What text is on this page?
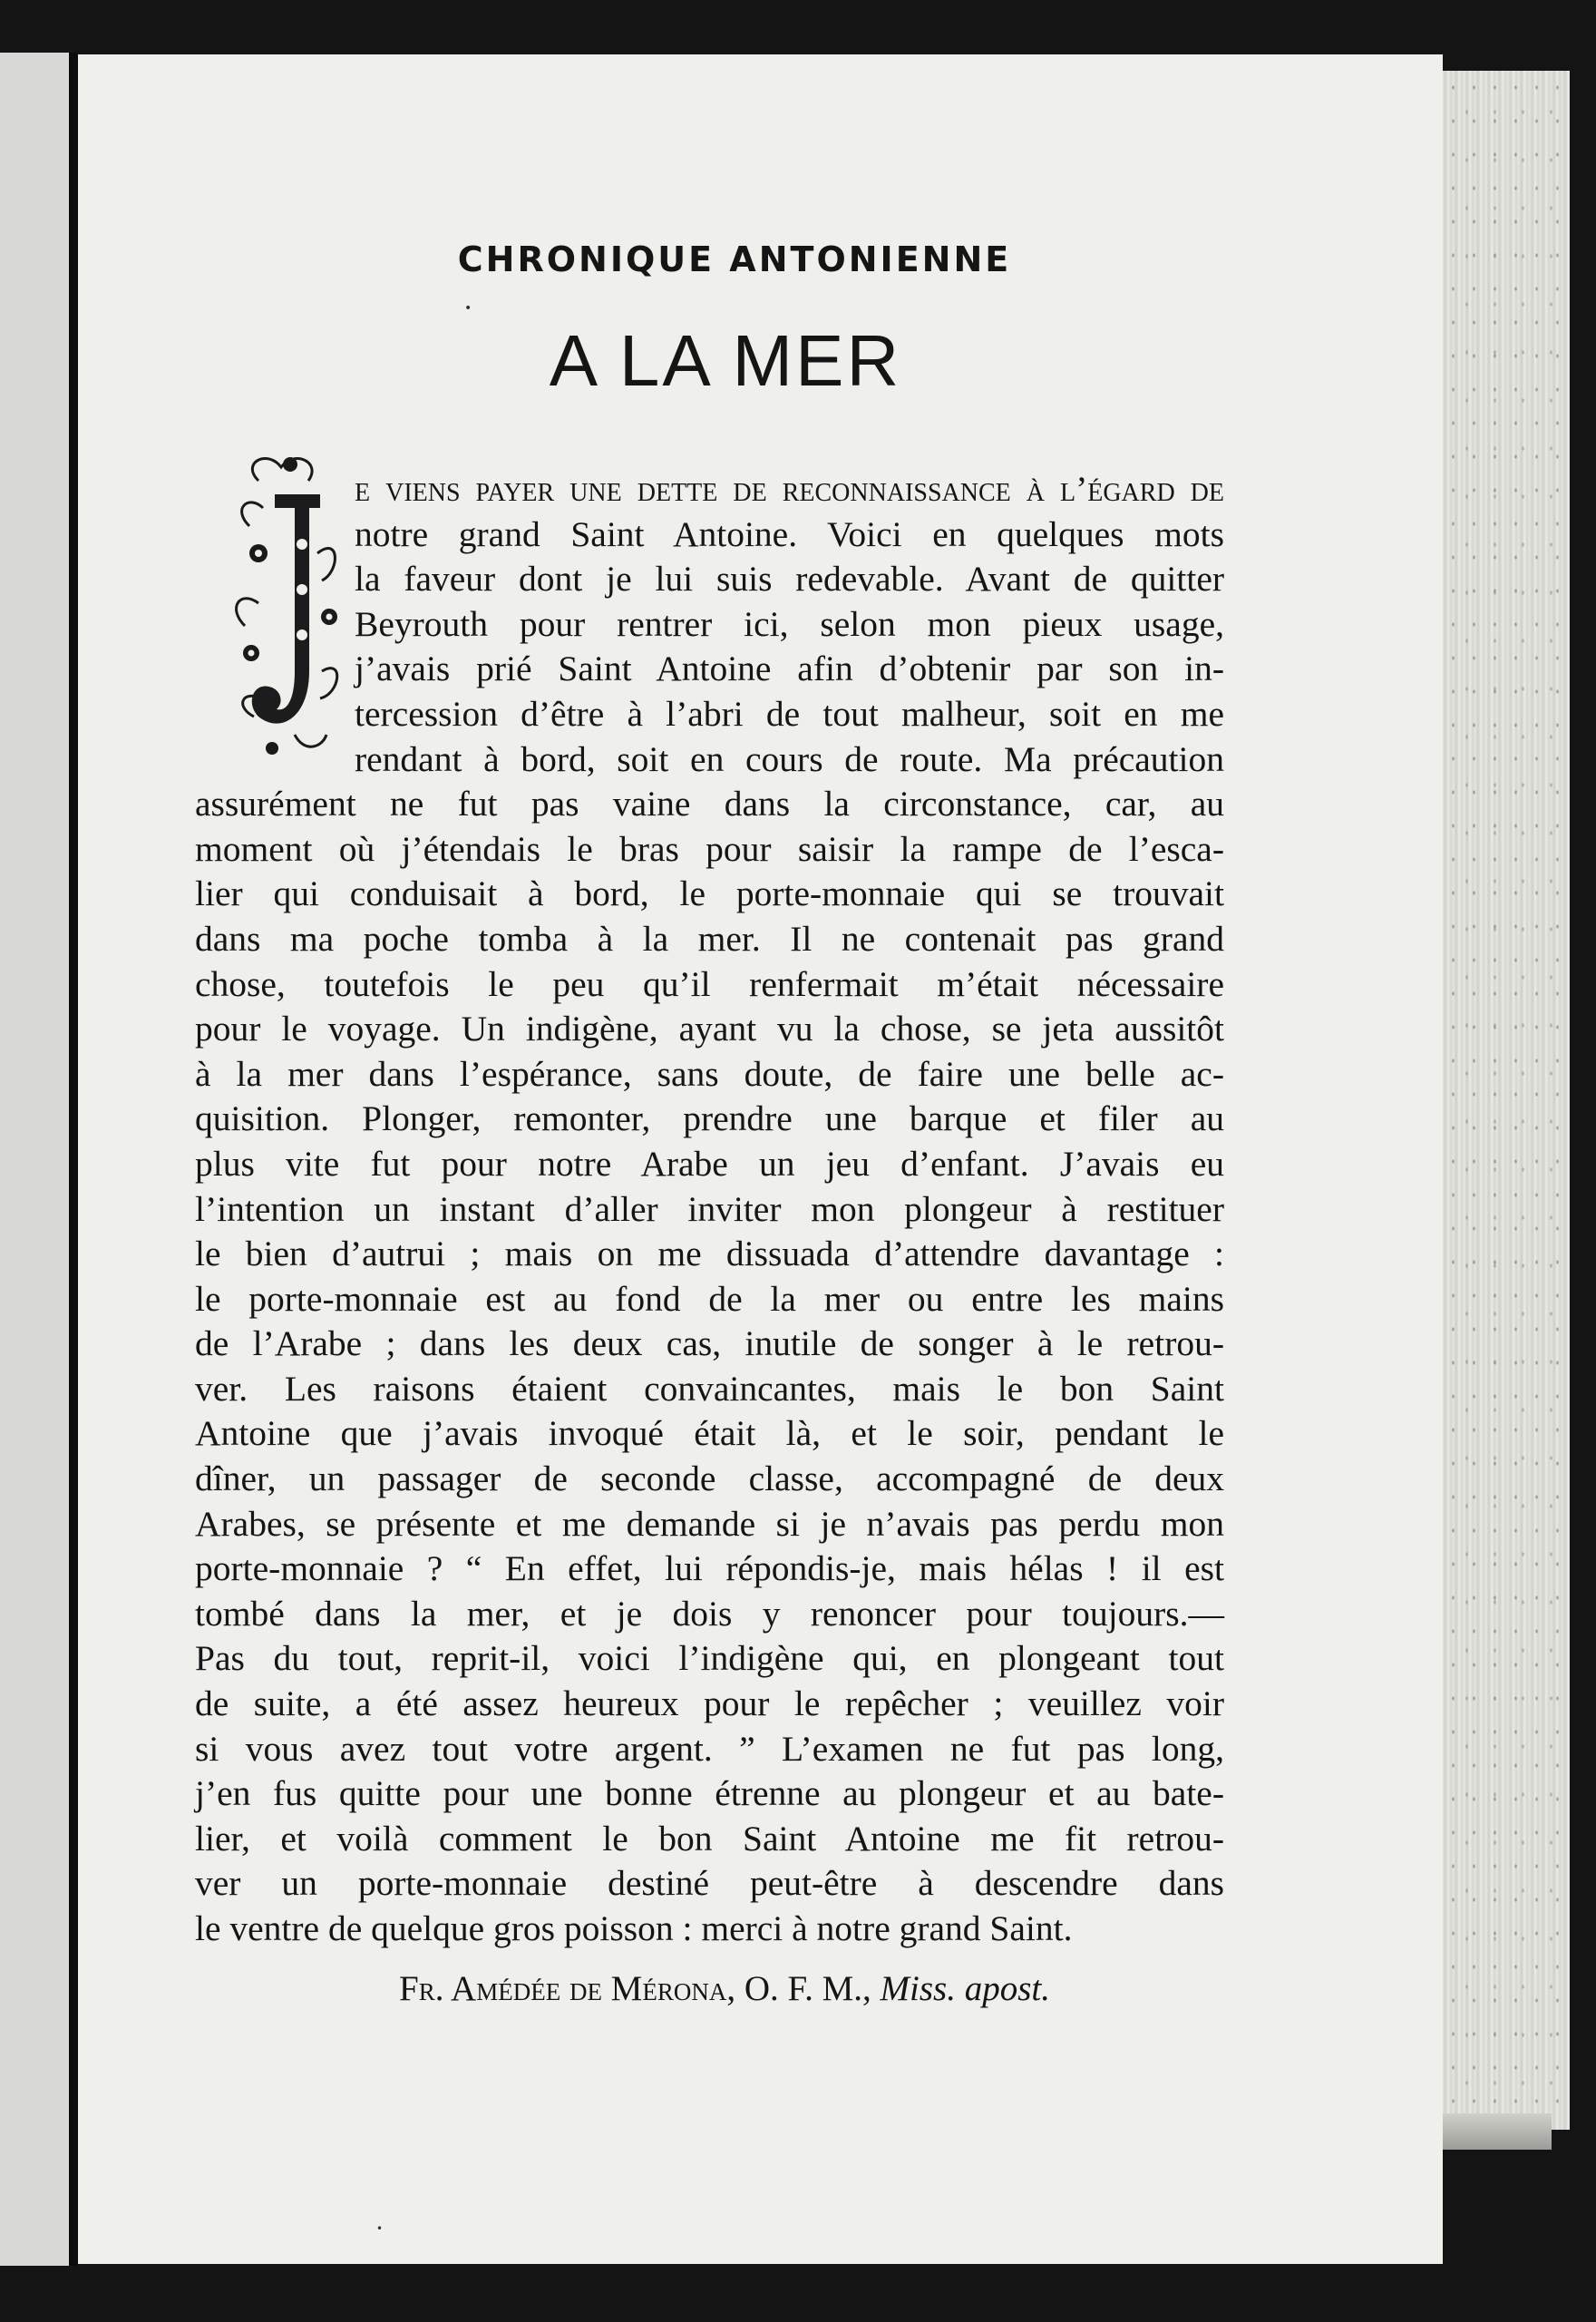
CHRONIQUE ANTONIENNE
A LA MER
e viens payer une dette de reconnaissance à l’égard de
notre grand Saint Antoine. Voici en quelques mots
la faveur dont je lui suis redevable. Avant de quitter
Beyrouth pour rentrer ici, selon mon pieux usage,
j’avais prié Saint Antoine afin d’obtenir par son in-
tercession d’être à l’abri de tout malheur, soit en me
rendant à bord, soit en cours de route. Ma précaution
assurément ne fut pas vaine dans la circonstance, car, au
moment où j’étendais le bras pour saisir la rampe de l’esca-
lier qui conduisait à bord, le porte-monnaie qui se trouvait
dans ma poche tomba à la mer. Il ne contenait pas grand
chose, toutefois le peu qu’il renfermait m’était nécessaire
pour le voyage. Un indigène, ayant vu la chose, se jeta aussitôt
à la mer dans l’espérance, sans doute, de faire une belle ac-
quisition. Plonger, remonter, prendre une barque et filer au
plus vite fut pour notre Arabe un jeu d’enfant. J’avais eu
l’intention un instant d’aller inviter mon plongeur à restituer
le bien d’autrui ; mais on me dissuada d’attendre davantage :
le porte-monnaie est au fond de la mer ou entre les mains
de l’Arabe ; dans les deux cas, inutile de songer à le retrou-
ver. Les raisons étaient convaincantes, mais le bon Saint
Antoine que j’avais invoqué était là, et le soir, pendant le
dîner, un passager de seconde classe, accompagné de deux
Arabes, se présente et me demande si je n’avais pas perdu mon
porte-monnaie ? “ En effet, lui répondis-je, mais hélas ! il est
tombé dans la mer, et je dois y renoncer pour toujours.—
Pas du tout, reprit-il, voici l’indigène qui, en plongeant tout
de suite, a été assez heureux pour le repêcher ; veuillez voir
si vous avez tout votre argent. ” L’examen ne fut pas long,
j’en fus quitte pour une bonne étrenne au plongeur et au bate-
lier, et voilà comment le bon Saint Antoine me fit retrou-
ver un porte-monnaie destiné peut-être à descendre dans
le ventre de quelque gros poisson : merci à notre grand Saint.
Fr. Amédée de Mérona, O. F. M., Miss. apost.
•
•
